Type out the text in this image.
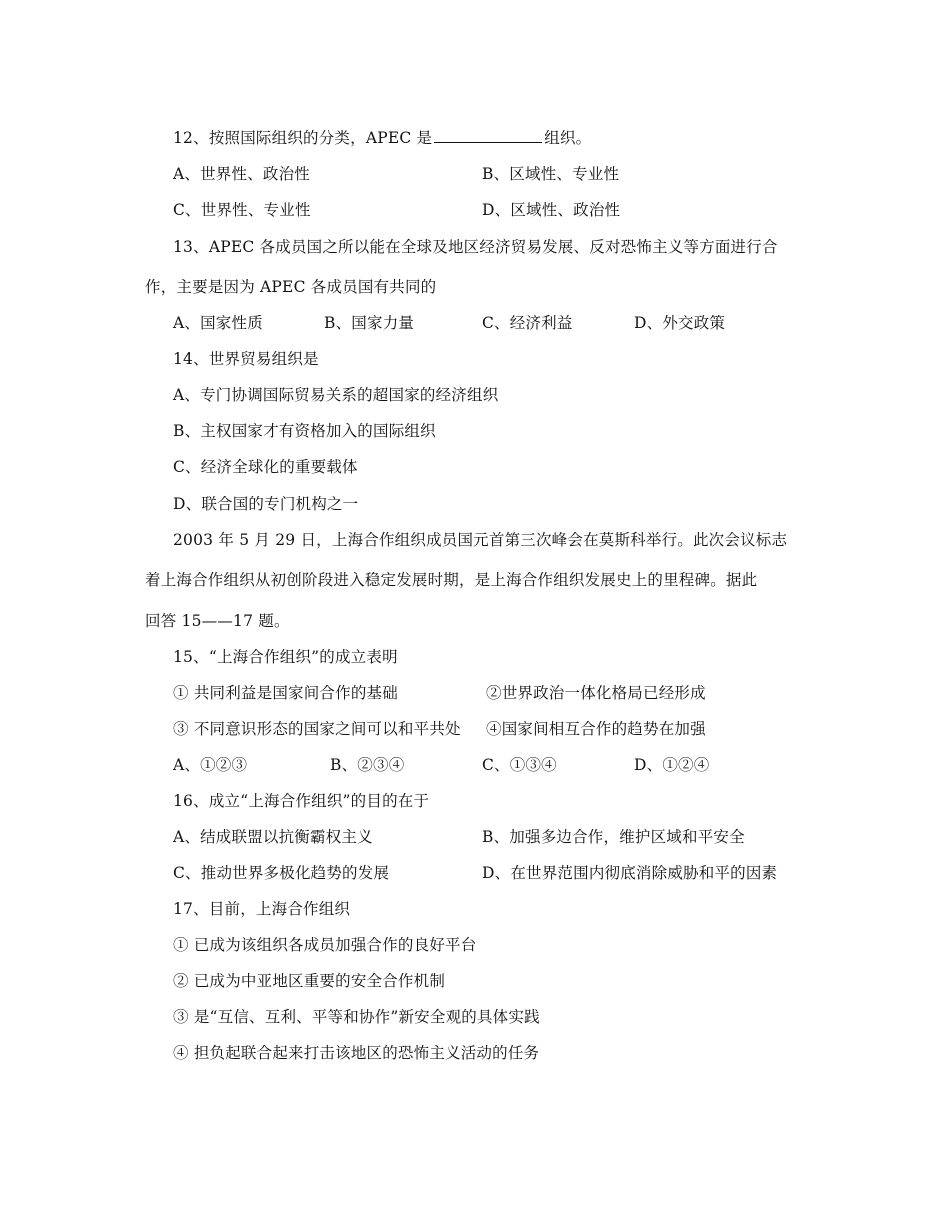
12、按照国际组织的分类，APEC 是	组织。
A、世界性、政治性	B、区域性、专业性
C、世界性、专业性	D、区域性、政治性
13、APEC 各成员国之所以能在全球及地区经济贸易发展、反对恐怖主义等方面进行合
作，主要是因为 APEC 各成员国有共同的
A、国家性质	B、国家力量	C、经济利益	D、外交政策
14、世界贸易组织是
A、专门协调国际贸易关系的超国家的经济组织
B、主权国家才有资格加入的国际组织
C、经济全球化的重要载体
D、联合国的专门机构之一
2003 年 5 月 29 日，上海合作组织成员国元首第三次峰会在莫斯科举行。此次会议标志
着上海合作组织从初创阶段进入稳定发展时期，是上海合作组织发展史上的里程碑。据此
回答 15——17 题。
15、“上海合作组织”的成立表明
① 共同利益是国家间合作的基础	②世界政治一体化格局已经形成
③ 不同意识形态的国家之间可以和平共处 ④国家间相互合作的趋势在加强
A、①②③	B、②③④	C、①③④	D、①②④
16、成立“上海合作组织”的目的在于
A、结成联盟以抗衡霸权主义	B、加强多边合作，维护区域和平安全
C、推动世界多极化趋势的发展	D、在世界范围内彻底消除威胁和平的因素
17、目前，上海合作组织
① 已成为该组织各成员加强合作的良好平台
② 已成为中亚地区重要的安全合作机制
③ 是“互信、互利、平等和协作”新安全观的具体实践
④ 担负起联合起来打击该地区的恐怖主义活动的任务
